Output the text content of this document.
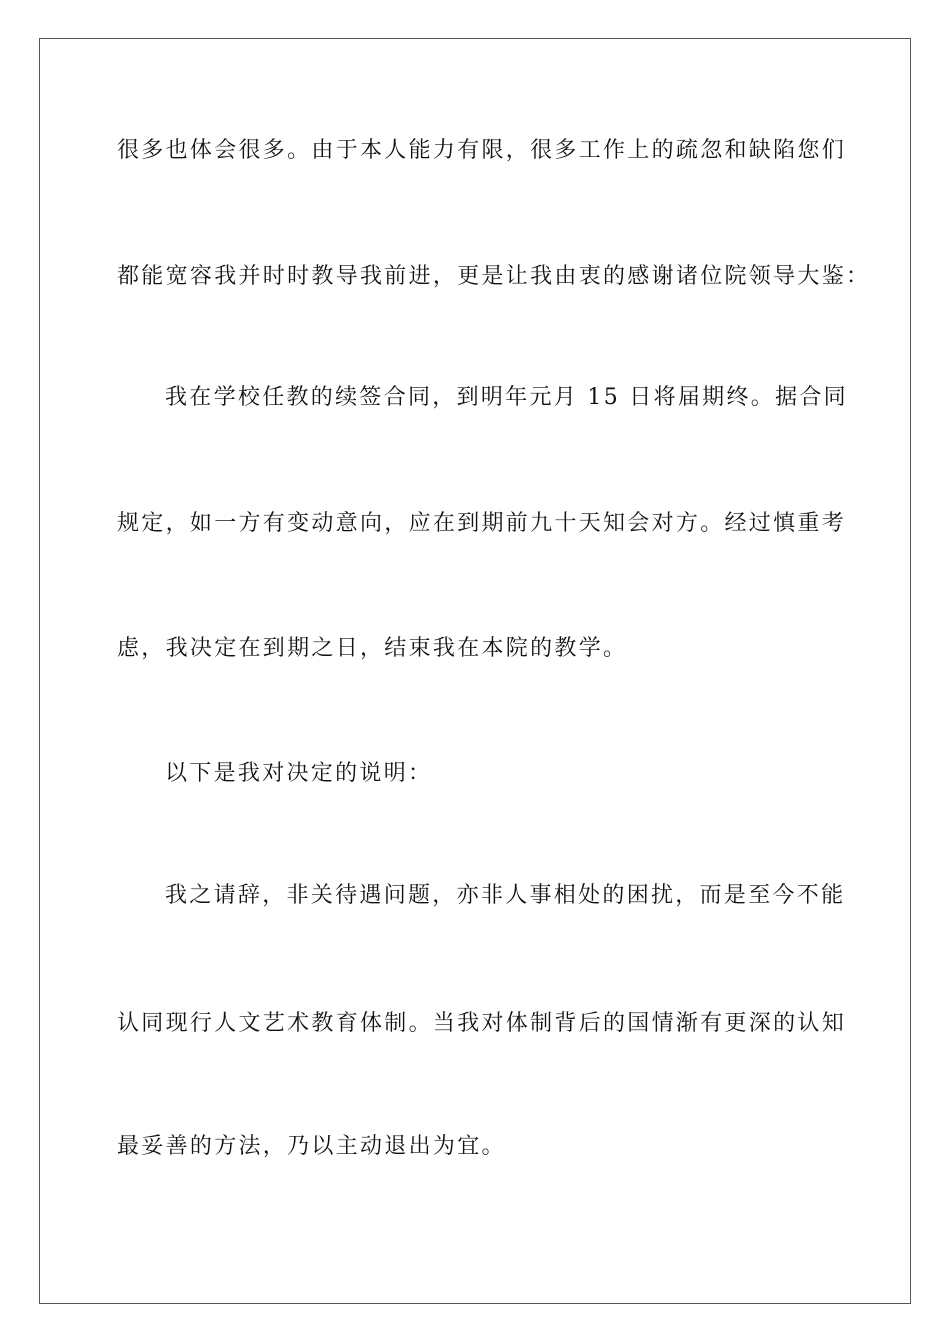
很多也体会很多。由于本人能力有限，很多工作上的疏忽和缺陷您们

都能宽容我并时时教导我前进，更是让我由衷的感谢诸位院领导大鉴：

我在学校任教的续签合同，到明年元月 15 日将届期终。据合同

规定，如一方有变动意向，应在到期前九十天知会对方。经过慎重考

虑，我决定在到期之日，结束我在本院的教学。

以下是我对决定的说明：

我之请辞，非关待遇问题，亦非人事相处的困扰，而是至今不能

认同现行人文艺术教育体制。当我对体制背后的国情渐有更深的认知

最妥善的方法，乃以主动退出为宜。
